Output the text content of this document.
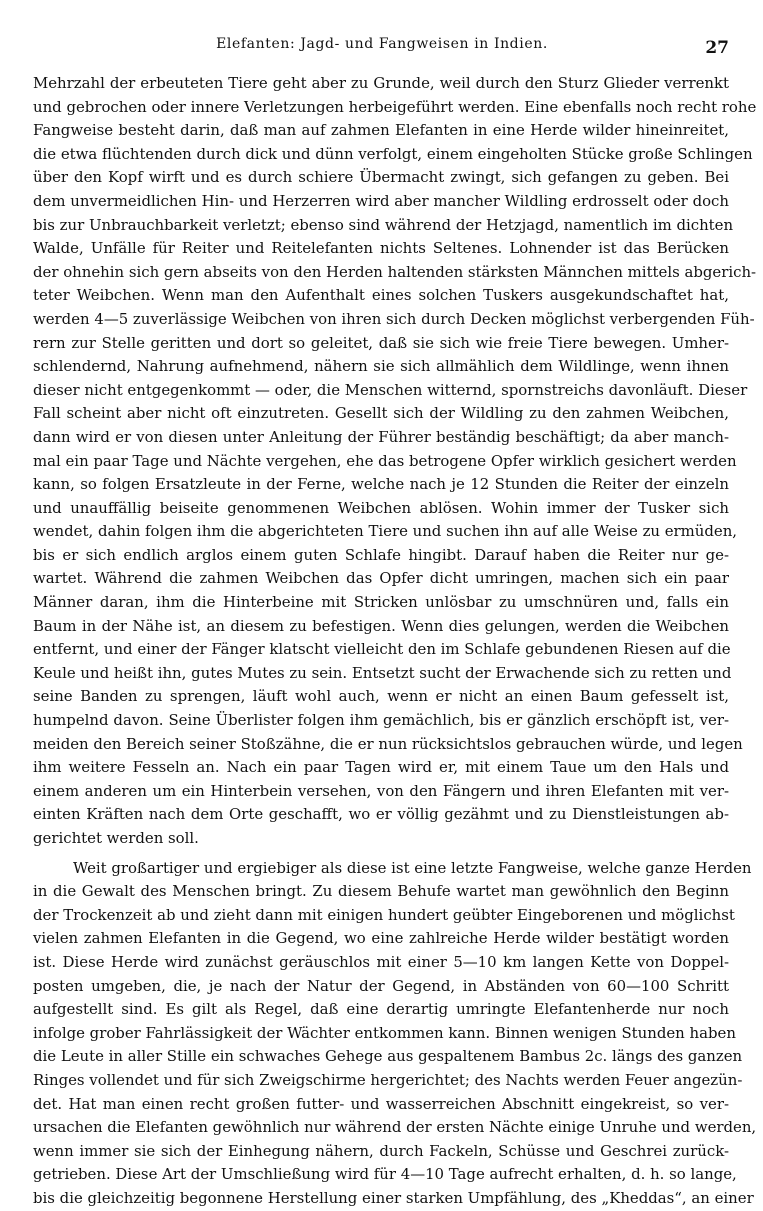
Elefanten: Jagd- und Fangweisen in Indien.	27
Mehrzahl der erbeuteten Tiere geht aber zu Grunde, weil durch den Sturz Glieder verrenkt
und gebrochen oder innere Verletzungen herbeigeführt werden. Eine ebenfalls noch recht rohe
Fangweise besteht darin, daß man auf zahmen Elefanten in eine Herde wilder hineinreitet,
die etwa flüchtenden durch dick und dünn verfolgt, einem eingeholten Stücke große Schlingen
über den Kopf wirft und es durch schiere Übermacht zwingt, sich gefangen zu geben. Bei
dem unvermeidlichen Hin- und Herzerren wird aber mancher Wildling erdrosselt oder doch
bis zur Unbrauchbarkeit verletzt; ebenso sind während der Hetzjagd, namentlich im dichten
Walde, Unfälle für Reiter und Reitelefanten nichts Seltenes. Lohnender ist das Berücken
der ohnehin sich gern abseits von den Herden haltenden stärksten Männchen mittels abgerich-
teter Weibchen. Wenn man den Aufenthalt eines solchen Tuskers ausgekundschaftet hat,
werden 4—5 zuverlässige Weibchen von ihren sich durch Decken möglichst verbergenden Füh-
rern zur Stelle geritten und dort so geleitet, daß sie sich wie freie Tiere bewegen. Umher-
schlendernd, Nahrung aufnehmend, nähern sie sich allmählich dem Wildlinge, wenn ihnen
dieser nicht entgegenkommt — oder, die Menschen witternd, spornstreichs davonläuft. Dieser
Fall scheint aber nicht oft einzutreten. Gesellt sich der Wildling zu den zahmen Weibchen,
dann wird er von diesen unter Anleitung der Führer beständig beschäftigt; da aber manch-
mal ein paar Tage und Nächte vergehen, ehe das betrogene Opfer wirklich gesichert werden
kann, so folgen Ersatzleute in der Ferne, welche nach je 12 Stunden die Reiter der einzeln
und unauffällig beiseite genommenen Weibchen ablösen. Wohin immer der Tusker sich
wendet, dahin folgen ihm die abgerichteten Tiere und suchen ihn auf alle Weise zu ermüden,
bis er sich endlich arglos einem guten Schlafe hingibt. Darauf haben die Reiter nur ge-
wartet. Während die zahmen Weibchen das Opfer dicht umringen, machen sich ein paar
Männer daran, ihm die Hinterbeine mit Stricken unlösbar zu umschnüren und, falls ein
Baum in der Nähe ist, an diesem zu befestigen. Wenn dies gelungen, werden die Weibchen
entfernt, und einer der Fänger klatscht vielleicht den im Schlafe gebundenen Riesen auf die
Keule und heißt ihn, gutes Mutes zu sein. Entsetzt sucht der Erwachende sich zu retten und
seine Banden zu sprengen, läuft wohl auch, wenn er nicht an einen Baum gefesselt ist,
humpelnd davon. Seine Überlister folgen ihm gemächlich, bis er gänzlich erschöpft ist, ver-
meiden den Bereich seiner Stoßzähne, die er nun rücksichtslos gebrauchen würde, und legen
ihm weitere Fesseln an. Nach ein paar Tagen wird er, mit einem Taue um den Hals und
einem anderen um ein Hinterbein versehen, von den Fängern und ihren Elefanten mit ver-
einten Kräften nach dem Orte geschafft, wo er völlig gezähmt und zu Dienstleistungen ab-
gerichtet werden soll.
Weit großartiger und ergiebiger als diese ist eine letzte Fangweise, welche ganze Herden
in die Gewalt des Menschen bringt. Zu diesem Behufe wartet man gewöhnlich den Beginn
der Trockenzeit ab und zieht dann mit einigen hundert geübter Eingeborenen und möglichst
vielen zahmen Elefanten in die Gegend, wo eine zahlreiche Herde wilder bestätigt worden
ist. Diese Herde wird zunächst geräuschlos mit einer 5—10 km langen Kette von Doppel-
posten umgeben, die, je nach der Natur der Gegend, in Abständen von 60—100 Schritt
aufgestellt sind. Es gilt als Regel, daß eine derartig umringte Elefantenherde nur noch
infolge grober Fahrlässigkeit der Wächter entkommen kann. Binnen wenigen Stunden haben
die Leute in aller Stille ein schwaches Gehege aus gespaltenem Bambus 2c. längs des ganzen
Ringes vollendet und für sich Zweigschirme hergerichtet; des Nachts werden Feuer angezün-
det. Hat man einen recht großen futter- und wasserreichen Abschnitt eingekreist, so ver-
ursachen die Elefanten gewöhnlich nur während der ersten Nächte einige Unruhe und werden,
wenn immer sie sich der Einhegung nähern, durch Fackeln, Schüsse und Geschrei zurück-
getrieben. Diese Art der Umschließung wird für 4—10 Tage aufrecht erhalten, d. h. so lange,
bis die gleichzeitig begonnene Herstellung einer starken Umpfählung, des „Kheddas“, an einer
